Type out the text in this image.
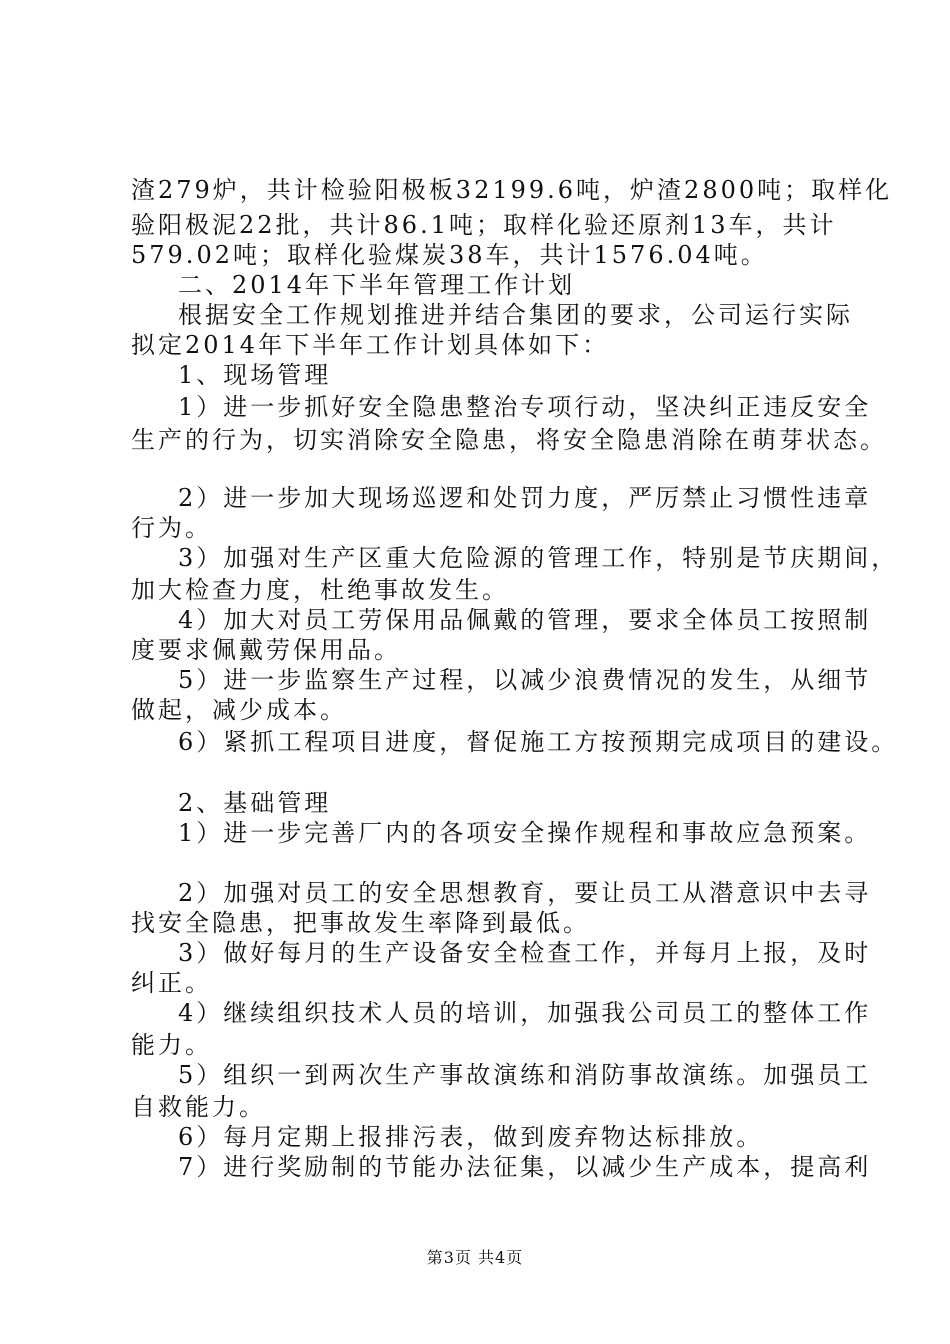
渣279炉，共计检验阳极板32199.6吨，炉渣2800吨；取样化
验阳极泥22批，共计86.1吨；取样化验还原剂13车，共计
579.02吨；取样化验煤炭38车，共计1576.04吨。
二、2014年下半年管理工作计划
根据安全工作规划推进并结合集团的要求，公司运行实际
拟定2014年下半年工作计划具体如下：
1、现场管理
1）进一步抓好安全隐患整治专项行动，坚决纠正违反安全
生产的行为，切实消除安全隐患，将安全隐患消除在萌芽状态。
2）进一步加大现场巡逻和处罚力度，严厉禁止习惯性违章
行为。
3）加强对生产区重大危险源的管理工作，特别是节庆期间，
加大检查力度，杜绝事故发生。
4）加大对员工劳保用品佩戴的管理，要求全体员工按照制
度要求佩戴劳保用品。
5）进一步监察生产过程，以减少浪费情况的发生，从细节
做起，减少成本。
6）紧抓工程项目进度，督促施工方按预期完成项目的建设。
2、基础管理
1）进一步完善厂内的各项安全操作规程和事故应急预案。
2）加强对员工的安全思想教育，要让员工从潜意识中去寻
找安全隐患，把事故发生率降到最低。
3）做好每月的生产设备安全检查工作，并每月上报，及时
纠正。
4）继续组织技术人员的培训，加强我公司员工的整体工作
能力。
5）组织一到两次生产事故演练和消防事故演练。加强员工
自救能力。
6）每月定期上报排污表，做到废弃物达标排放。
7）进行奖励制的节能办法征集，以减少生产成本，提高利
第3页 共4页
